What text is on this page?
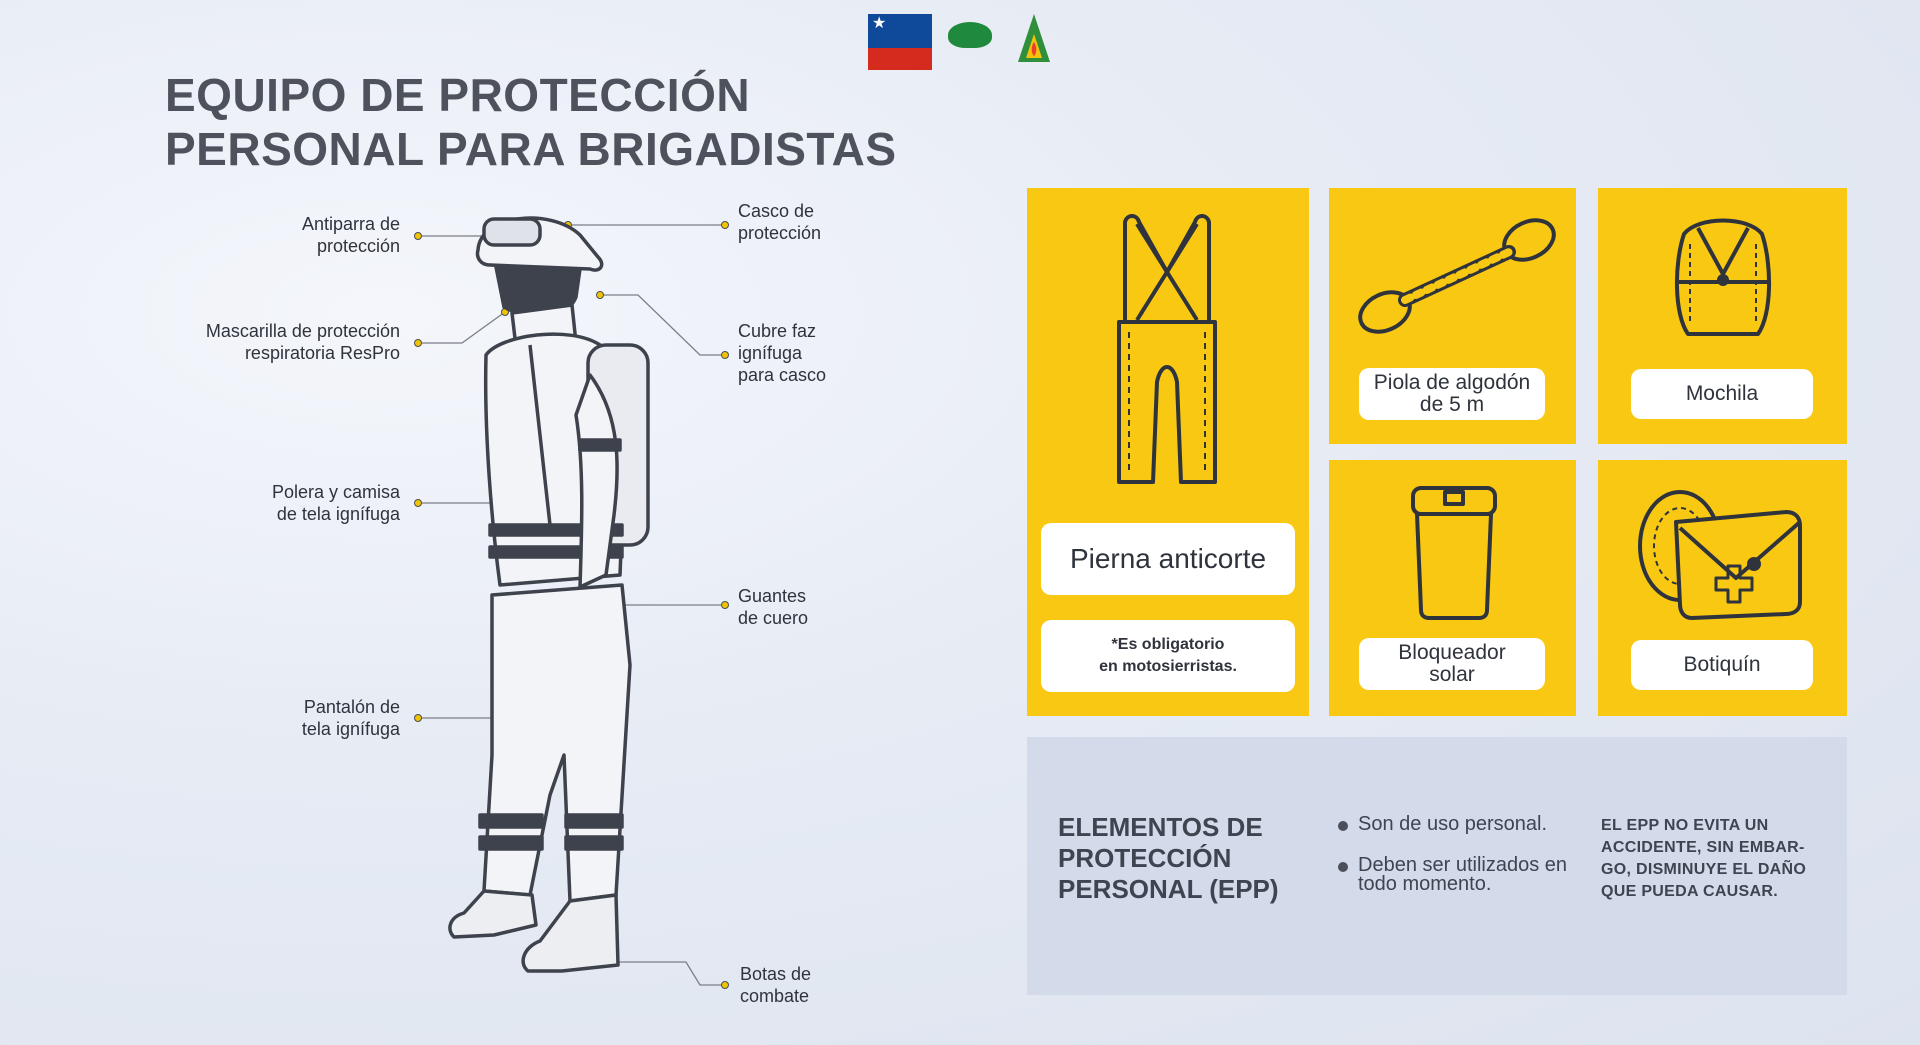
★
EQUIPO DE PROTECCIÓN
PERSONAL PARA BRIGADISTAS
Antiparra de
protección
Mascarilla de protección
respiratoria ResPro
Polera y camisa
de tela ignífuga
Pantalón de
tela ignífuga
Casco de
protección
Cubre faz
ignífuga
para casco
Guantes
de cuero
Botas de
combate
Pierna anticorte
*Es obligatorio
en motosierristas.
Piola de algodón
de 5 m	Mochila
Bloqueador
solar	Botiquín
ELEMENTOS DE
PROTECCIÓN
PERSONAL (EPP)
Son de uso personal.
Deben ser utilizados en todo momento.
EL EPP NO EVITA UN ACCIDENTE, SIN EMBAR-GO, DISMINUYE EL DAÑO QUE PUEDA CAUSAR.
